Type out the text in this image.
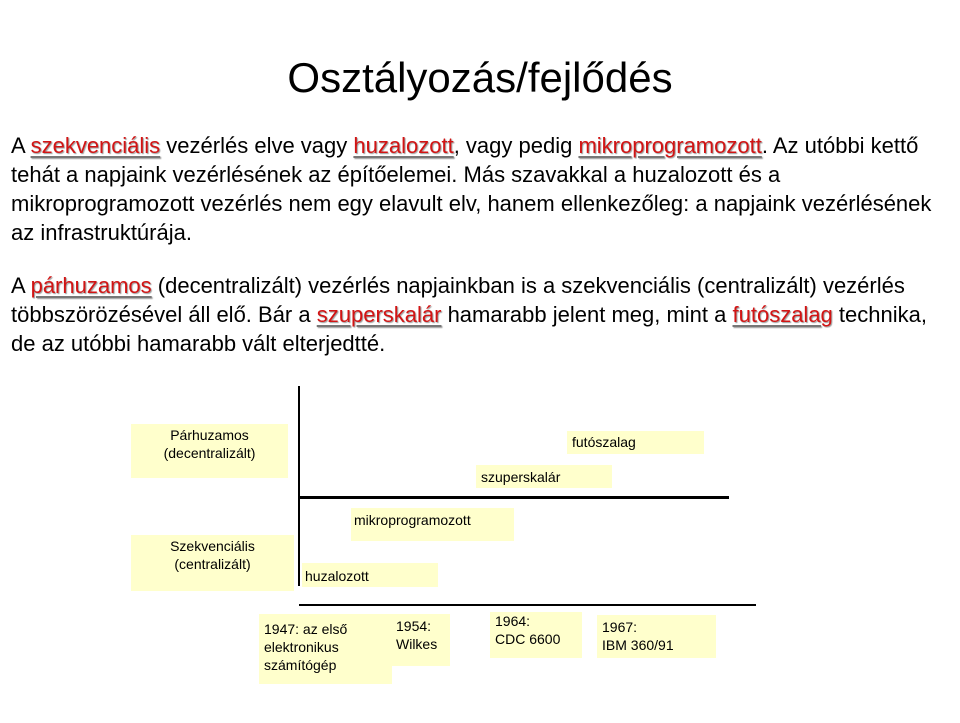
Osztályozás/fejlődés

A szekvenciális vezérlés elve vagy huzalozott, vagy pedig mikroprogramozott. Az utóbbi kettő tehát a napjaink vezérlésének az építőelemei. Más szavakkal a huzalozott és a mikroprogramozott vezérlés nem egy elavult elv, hanem ellenkezőleg: a napjaink vezérlésének az infrastruktúrája.

A párhuzamos (decentralizált) vezérlés napjainkban is a szekvenciális (centralizált) vezérlés többszörözésével áll elő. Bár a szuperskalár hamarabb jelent meg, mint a futószalag technika, de az utóbbi hamarabb vált elterjedtté.

Párhuzamos
(decentralizált)
Szekvenciális
(centralizált)
futószalag
szuperskalár
mikroprogramozott
huzalozott
1947: az első
elektronikus
számítógép
1954:
Wilkes
1964:
CDC 6600
1967:
IBM 360/91
